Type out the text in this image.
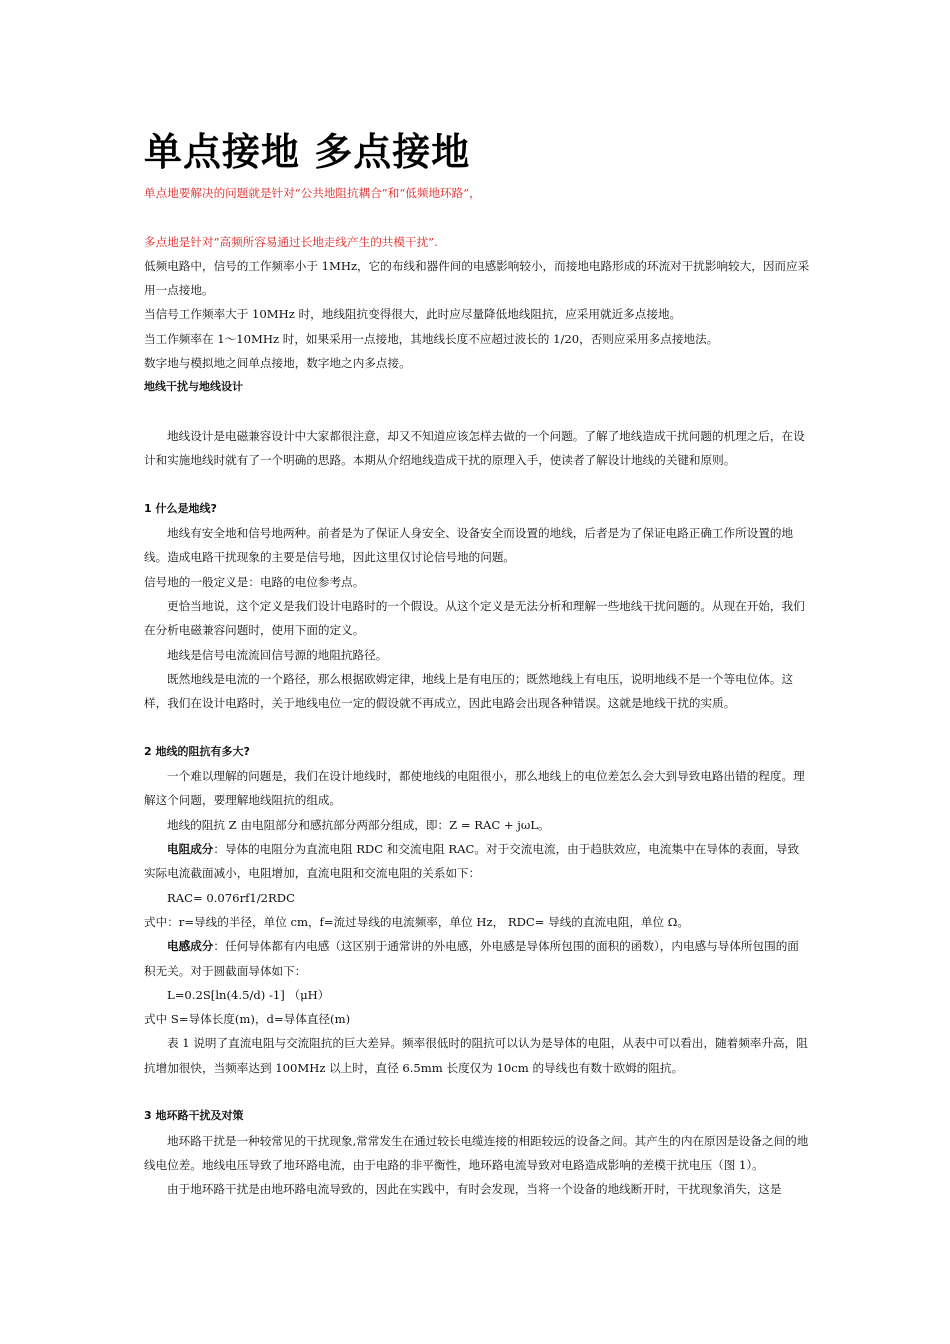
单点接地 多点接地

单点地要解决的问题就是针对“公共地阻抗耦合”和“低频地环路”，

多点地是针对“高频所容易通过长地走线产生的共模干扰”.

低频电路中，信号的工作频率小于 1MHz，它的布线和器件间的电感影响较小，而接地电路形成的环流对干扰影响较大，因而应采用一点接地。

当信号工作频率大于 10MHz 时，地线阻抗变得很大，此时应尽量降低地线阻抗，应采用就近多点接地。

当工作频率在 1～10MHz 时，如果采用一点接地，其地线长度不应超过波长的 1/20，否则应采用多点接地法。

数字地与模拟地之间单点接地，数字地之内多点接。

地线干扰与地线设计

地线设计是电磁兼容设计中大家都很注意，却又不知道应该怎样去做的一个问题。了解了地线造成干扰问题的机理之后，在设计和实施地线时就有了一个明确的思路。本期从介绍地线造成干扰的原理入手，使读者了解设计地线的关键和原则。

1 什么是地线?

地线有安全地和信号地两种。前者是为了保证人身安全、设备安全而设置的地线，后者是为了保证电路正确工作所设置的地线。造成电路干扰现象的主要是信号地，因此这里仅讨论信号地的问题。

信号地的一般定义是：电路的电位参考点。

更恰当地说，这个定义是我们设计电路时的一个假设。从这个定义是无法分析和理解一些地线干扰问题的。从现在开始，我们在分析电磁兼容问题时，使用下面的定义。

地线是信号电流流回信号源的地阻抗路径。

既然地线是电流的一个路径，那么根据欧姆定律，地线上是有电压的；既然地线上有电压，说明地线不是一个等电位体。这样，我们在设计电路时，关于地线电位一定的假设就不再成立，因此电路会出现各种错误。这就是地线干扰的实质。

2 地线的阻抗有多大?

一个难以理解的问题是，我们在设计地线时，都使地线的电阻很小，那么地线上的电位差怎么会大到导致电路出错的程度。理解这个问题，要理解地线阻抗的组成。

地线的阻抗 Z 由电阻部分和感抗部分两部分组成，即：Z = RAC + jωL。

电阻成分：导体的电阻分为直流电阻 RDC 和交流电阻 RAC。对于交流电流，由于趋肤效应，电流集中在导体的表面，导致实际电流截面减小，电阻增加，直流电阻和交流电阻的关系如下：

RAC= 0.076rf1/2RDC

式中：r=导线的半径，单位 cm，f=流过导线的电流频率，单位 Hz， RDC= 导线的直流电阻，单位 Ω。

电感成分：任何导体都有内电感（这区别于通常讲的外电感，外电感是导体所包围的面积的函数），内电感与导体所包围的面积无关。对于圆截面导体如下：

L=0.2S[ln(4.5/d) -1] （μH）

式中 S=导体长度(m)，d=导体直径(m)

表 1 说明了直流电阻与交流阻抗的巨大差异。频率很低时的阻抗可以认为是导体的电阻，从表中可以看出，随着频率升高，阻抗增加很快，当频率达到 100MHz 以上时，直径 6.5mm 长度仅为 10cm 的导线也有数十欧姆的阻抗。

3 地环路干扰及对策

地环路干扰是一种较常见的干扰现象,常常发生在通过较长电缆连接的相距较远的设备之间。其产生的内在原因是设备之间的地线电位差。地线电压导致了地环路电流，由于电路的非平衡性，地环路电流导致对电路造成影响的差模干扰电压（图 1）。

由于地环路干扰是由地环路电流导致的，因此在实践中，有时会发现，当将一个设备的地线断开时，干扰现象消失，这是
